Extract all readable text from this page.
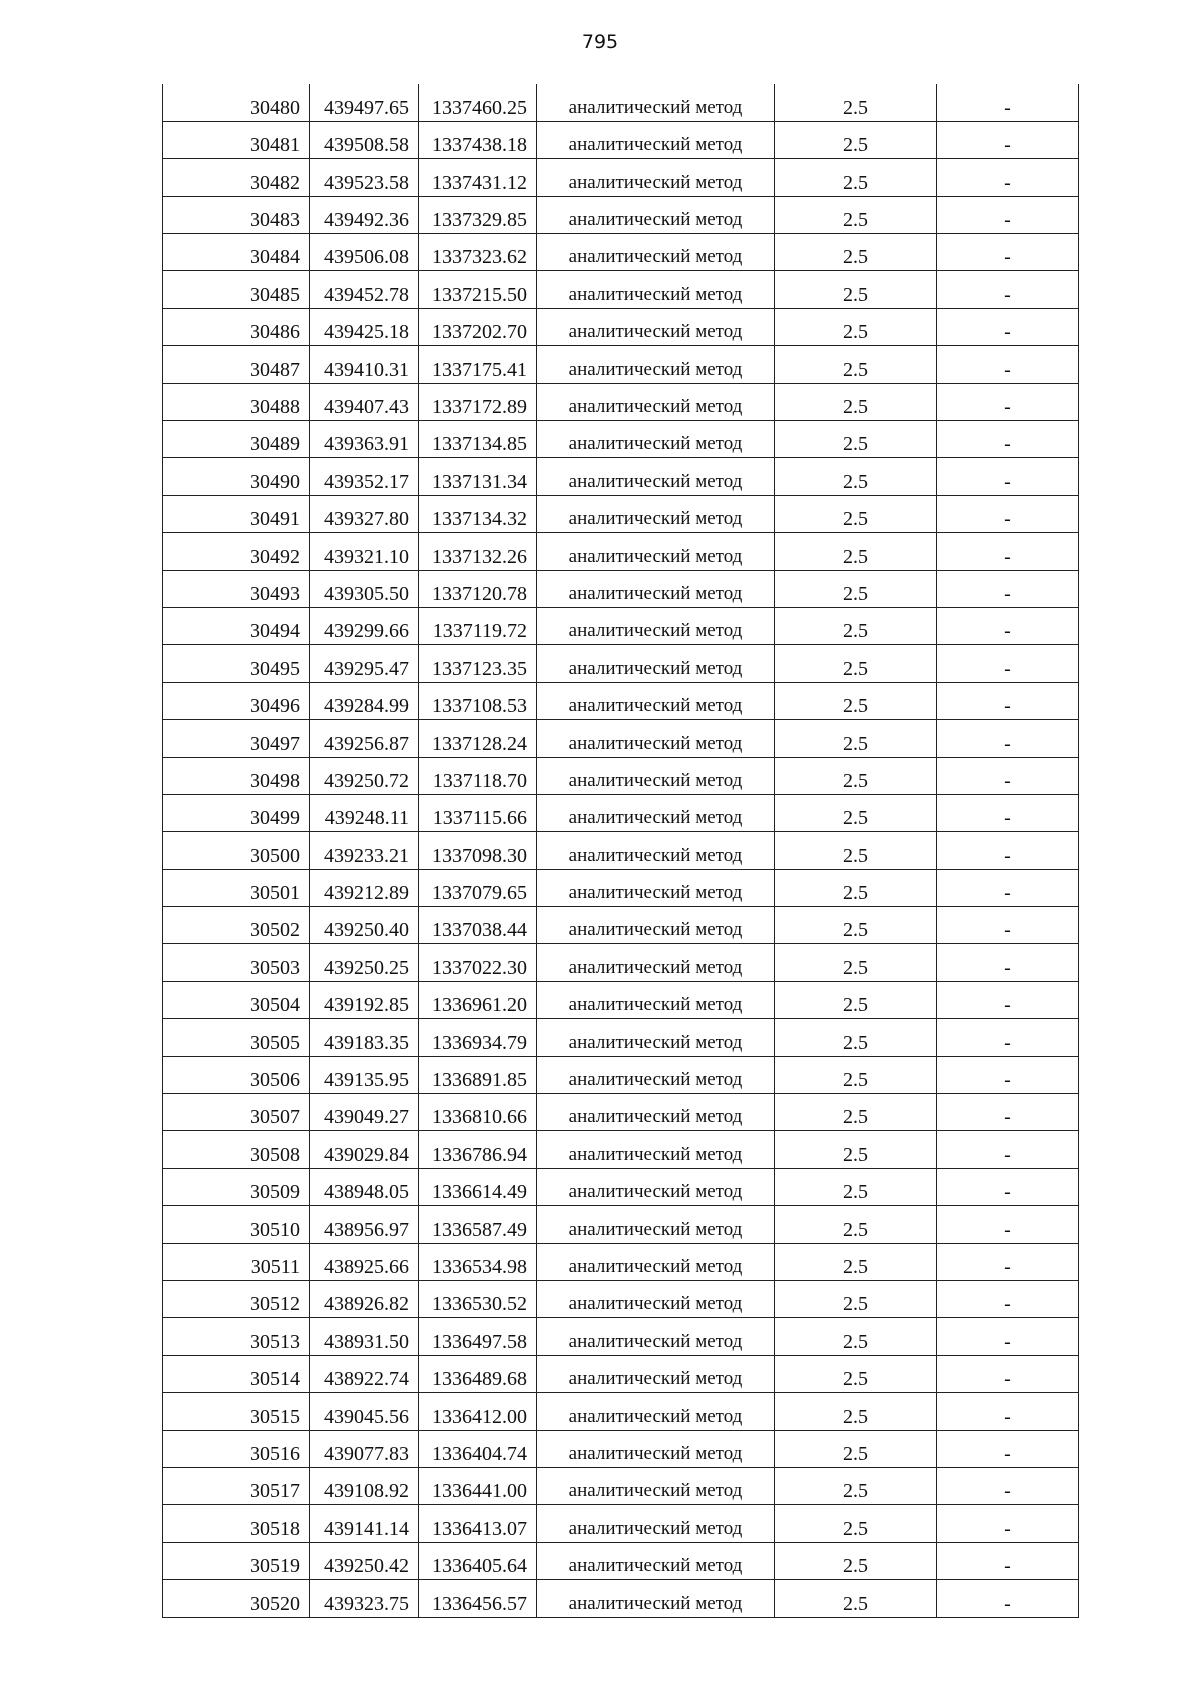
795
30480	439497.65	1337460.25	аналитический метод	2.5	-
30481	439508.58	1337438.18	аналитический метод	2.5	-
30482	439523.58	1337431.12	аналитический метод	2.5	-
30483	439492.36	1337329.85	аналитический метод	2.5	-
30484	439506.08	1337323.62	аналитический метод	2.5	-
30485	439452.78	1337215.50	аналитический метод	2.5	-
30486	439425.18	1337202.70	аналитический метод	2.5	-
30487	439410.31	1337175.41	аналитический метод	2.5	-
30488	439407.43	1337172.89	аналитический метод	2.5	-
30489	439363.91	1337134.85	аналитический метод	2.5	-
30490	439352.17	1337131.34	аналитический метод	2.5	-
30491	439327.80	1337134.32	аналитический метод	2.5	-
30492	439321.10	1337132.26	аналитический метод	2.5	-
30493	439305.50	1337120.78	аналитический метод	2.5	-
30494	439299.66	1337119.72	аналитический метод	2.5	-
30495	439295.47	1337123.35	аналитический метод	2.5	-
30496	439284.99	1337108.53	аналитический метод	2.5	-
30497	439256.87	1337128.24	аналитический метод	2.5	-
30498	439250.72	1337118.70	аналитический метод	2.5	-
30499	439248.11	1337115.66	аналитический метод	2.5	-
30500	439233.21	1337098.30	аналитический метод	2.5	-
30501	439212.89	1337079.65	аналитический метод	2.5	-
30502	439250.40	1337038.44	аналитический метод	2.5	-
30503	439250.25	1337022.30	аналитический метод	2.5	-
30504	439192.85	1336961.20	аналитический метод	2.5	-
30505	439183.35	1336934.79	аналитический метод	2.5	-
30506	439135.95	1336891.85	аналитический метод	2.5	-
30507	439049.27	1336810.66	аналитический метод	2.5	-
30508	439029.84	1336786.94	аналитический метод	2.5	-
30509	438948.05	1336614.49	аналитический метод	2.5	-
30510	438956.97	1336587.49	аналитический метод	2.5	-
30511	438925.66	1336534.98	аналитический метод	2.5	-
30512	438926.82	1336530.52	аналитический метод	2.5	-
30513	438931.50	1336497.58	аналитический метод	2.5	-
30514	438922.74	1336489.68	аналитический метод	2.5	-
30515	439045.56	1336412.00	аналитический метод	2.5	-
30516	439077.83	1336404.74	аналитический метод	2.5	-
30517	439108.92	1336441.00	аналитический метод	2.5	-
30518	439141.14	1336413.07	аналитический метод	2.5	-
30519	439250.42	1336405.64	аналитический метод	2.5	-
30520	439323.75	1336456.57	аналитический метод	2.5	-
